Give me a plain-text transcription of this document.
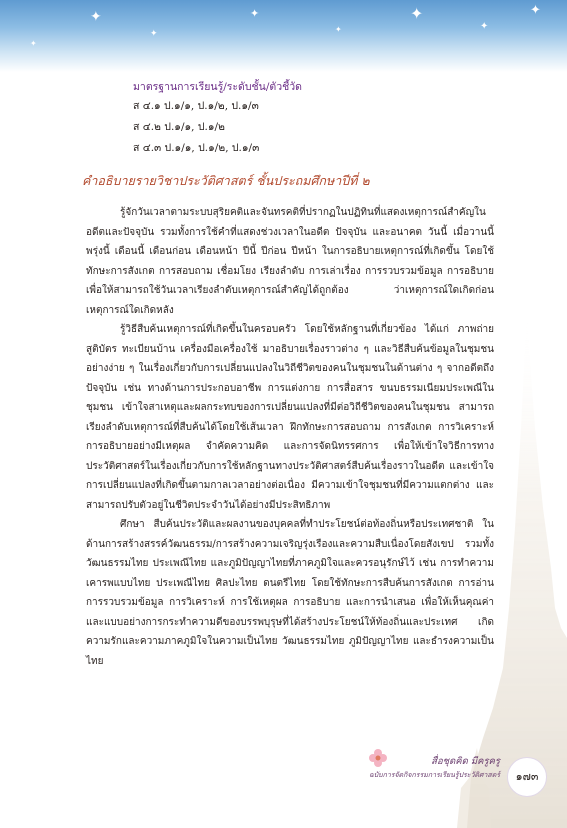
✦
✦
✦
✦
✦
✦
✦
✦
มาตรฐานการเรียนรู้/ระดับชั้น/ตัวชี้วัด
ส ๔.๑ ป.๑/๑, ป.๑/๒, ป.๑/๓
ส ๔.๒ ป.๑/๑, ป.๑/๒
ส ๔.๓ ป.๑/๑, ป.๑/๒, ป.๑/๓
คำอธิบายรายวิชาประวัติศาสตร์ ชั้นประถมศึกษาปีที่ ๒

รู้จักวันเวลาตามระบบสุริยคติและจันทรคติที่ปรากฏในปฏิทินที่แสดงเหตุการณ์สำคัญในอดีตและปัจจุบัน รวมทั้งการใช้คำที่แสดงช่วงเวลาในอดีต ปัจจุบัน และอนาคต วันนี้ เมื่อวานนี้ พรุ่งนี้ เดือนนี้ เดือนก่อน เดือนหน้า ปีนี้ ปีก่อน ปีหน้า ในการอธิบายเหตุการณ์ที่เกิดขึ้น โดยใช้ทักษะการสังเกต การสอบถาม เชื่อมโยง เรียงลำดับ การเล่าเรื่อง การรวบรวมข้อมูล การอธิบาย เพื่อให้สามารถใช้วันเวลาเรียงลำดับเหตุการณ์สำคัญได้ถูกต้อง ว่าเหตุการณ์ใดเกิดก่อน เหตุการณ์ใดเกิดหลัง

รู้วิธีสืบค้นเหตุการณ์ที่เกิดขึ้นในครอบครัว โดยใช้หลักฐานที่เกี่ยวข้อง ได้แก่ ภาพถ่าย สูติบัตร ทะเบียนบ้าน เครื่องมือเครื่องใช้ มาอธิบายเรื่องราวต่าง ๆ และวิธีสืบค้นข้อมูลในชุมชนอย่างง่าย ๆ ในเรื่องเกี่ยวกับการเปลี่ยนแปลงในวิถีชีวิตของคนในชุมชนในด้านต่าง ๆ จากอดีตถึงปัจจุบัน เช่น ทางด้านการประกอบอาชีพ การแต่งกาย การสื่อสาร ขนบธรรมเนียมประเพณีในชุมชน เข้าใจสาเหตุและผลกระทบของการเปลี่ยนแปลงที่มีต่อวิถีชีวิตของคนในชุมชน สามารถเรียงลำดับเหตุการณ์ที่สืบค้นได้โดยใช้เส้นเวลา ฝึกทักษะการสอบถาม การสังเกต การวิเคราะห์ การอธิบายอย่างมีเหตุผล จำคัดความคิด และการจัดนิทรรศการ เพื่อให้เข้าใจวิธีการทางประวัติศาสตร์ในเรื่องเกี่ยวกับการใช้หลักฐานทางประวัติศาสตร์สืบค้นเรื่องราวในอดีต และเข้าใจการเปลี่ยนแปลงที่เกิดขึ้นตามกาลเวลาอย่างต่อเนื่อง มีความเข้าใจชุมชนที่มีความแตกต่าง และสามารถปรับตัวอยู่ในชีวิตประจำวันได้อย่างมีประสิทธิภาพ

ศึกษา สืบค้นประวัติและผลงานของบุคคลที่ทำประโยชน์ต่อท้องถิ่นหรือประเทศชาติ ในด้านการสร้างสรรค์วัฒนธรรม/การสร้างความเจริญรุ่งเรืองและความสืบเนื่องโดยสังเขป รวมทั้งวัฒนธรรมไทย ประเพณีไทย และภูมิปัญญาไทยที่ภาคภูมิใจและควรอนุรักษ์ไว้ เช่น การทำความเคารพแบบไทย ประเพณีไทย ศิลปะไทย ดนตรีไทย โดยใช้ทักษะการสืบค้นการสังเกต การอ่าน การรวบรวมข้อมูล การวิเคราะห์ การใช้เหตุผล การอธิบาย และการนำเสนอ เพื่อให้เห็นคุณค่าและแบบอย่างการกระทำความดีของบรรพบุรุษที่ได้สร้างประโยชน์ให้ท้องถิ่นและประเทศ เกิดความรักและความภาคภูมิใจในความเป็นไทย วัฒนธรรมไทย ภูมิปัญญาไทย และธำรงความเป็นไทย

สื่อชุดคิด มีครูครู
ฉบับการจัดกิจกรรมการเรียนรู้ประวัติศาสตร์	๑๗๓
